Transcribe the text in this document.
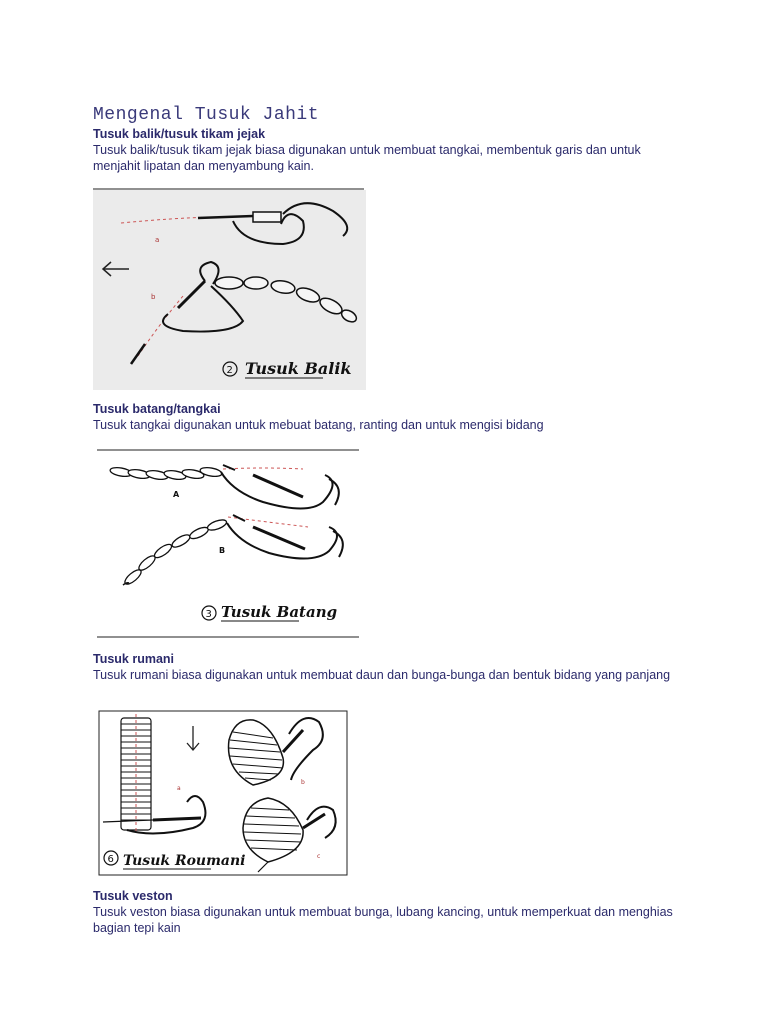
Mengenal Tusuk Jahit
Tusuk balik/tusuk tikam jejak
Tusuk balik/tusuk tikam jejak biasa digunakan untuk membuat tangkai, membentuk garis dan untuk menjahit lipatan dan menyambung kain.
a
b
2 Tusuk Balik
Tusuk batang/tangkai
Tusuk tangkai digunakan untuk mebuat batang, ranting dan untuk mengisi bidang
A
B
3 Tusuk Batang
Tusuk rumani
Tusuk rumani biasa digunakan untuk membuat daun dan bunga-bunga dan bentuk bidang yang panjang
a
b
c
6 Tusuk Roumani
Tusuk veston
Tusuk veston biasa digunakan untuk membuat bunga, lubang kancing, untuk memperkuat dan menghias bagian tepi kain
